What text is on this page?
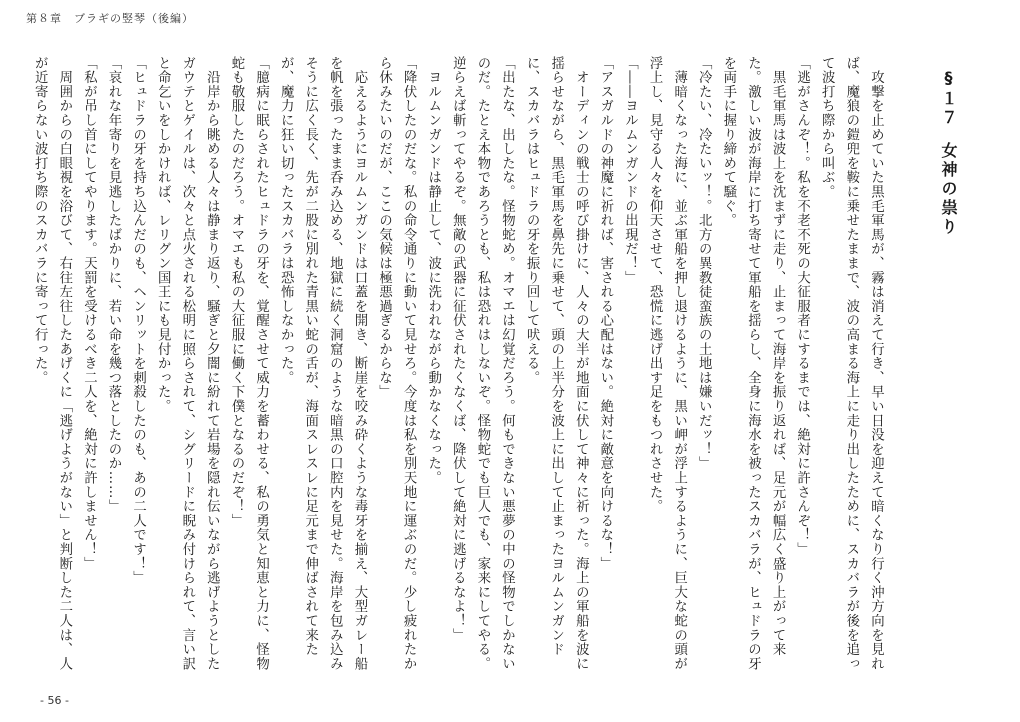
第８章　ブラギの竪琴（後編）
§１７女神の祟り

　攻撃を止めていた黒毛軍馬が、霧は消えて行き、早い日没を迎えて暗くなり行く沖方向を見れば、魔狼の鎧兜を鞍に乗せたままで、波の高まる海上に走り出したために、スカバラが後を追って波打ち際から叫ぶ。

「逃がさんぞ！。私を不老不死の大征服者にするまでは、絶対に許さんぞ！」

　黒毛軍馬は波上を沈まずに走り、止まって海岸を振り返れば、足元が幅広く盛り上がって来た。激しい波が海岸に打ち寄せて軍船を揺らし、全身に海水を被ったスカバラが、ヒュドラの牙を両手に握り締めて騒ぐ。

「冷たい、冷たいッ！。北方の異教徒蛮族の土地は嫌いだッ！」

　薄暗くなった海に、並ぶ軍船を押し退けるように、黒い岬が浮上するように、巨大な蛇の頭が浮上し、見守る人々を仰天させて、恐慌に逃げ出す足をもつれさせた。

「――ヨルムンガンドの出現だ！」

「アスガルドの神魔に祈れば、害される心配はない。絶対に敵意を向けるな！」

　オーディンの戦士の呼び掛けに、人々の大半が地面に伏して神々に祈った。海上の軍船を波に揺らせながら、黒毛軍馬を鼻先に乗せて、頭の上半分を波上に出して止まったヨルムンガンドに、スカバラはヒュドラの牙を振り回して吠える。

「出たな、出したな。怪物蛇め。オマエは幻覚だろう。何もできない悪夢の中の怪物でしかないのだ。たとえ本物であろうとも、私は恐れはしないぞ。怪物蛇でも巨人でも、家来にしてやる。逆らえば斬ってやるぞ。無敵の武器に征伏されたくなくば、降伏して絶対に逃げるなよ！」

　ヨルムンガンドは静止して、波に洗われながら動かなくなった。

「降伏したのだな。私の命令通りに動いて見せろ。今度は私を別天地に運ぶのだ。少し疲れたから休みたいのだが、ここの気候は極悪過ぎるからな」

　応えるようにヨルムンガンドは口蓋を開き、断崖を咬み砕くような毒牙を揃え、大型ガレー船を帆を張ったまま呑み込める、地獄に続く洞窟のような暗黒の口腔内を見せた。海岸を包み込みそうに広く長く、先が二股に別れた青黒い蛇の舌が、海面スレスレに足元まで伸ばされて来たが、魔力に狂い切ったスカバラは恐怖しなかった。

「臆病に眠らされたヒュドラの牙を、覚醒させて威力を蓄わせる、私の勇気と知恵と力に、怪物蛇も敬服したのだろう。オマエも私の大征服に働く下僕となるのだぞ！」

　沿岸から眺める人々は静まり返り、騒ぎと夕闇に紛れて岩場を隠れ伝いながら逃げようとしたガウテとゲイルは、次々と点火される松明に照らされて、シグリードに睨み付けられて、言い訳と命乞いをしかければ、レリグン国王にも見付かった。

「ヒュドラの牙を持ち込んだのも、ヘンリットを刺殺したのも、あの二人です！」

「哀れな年寄りを見逃したばかりに、若い命を幾つ落としたのか……」

「私が吊し首にしてやります。天罰を受けるべき二人を、絶対に許しません！」

　周囲からの白眼視を浴びて、右往左往したあげくに「逃げようがない」と判断した二人は、人が近寄らない波打ち際のスカバラに寄って行った。

- 56 -
